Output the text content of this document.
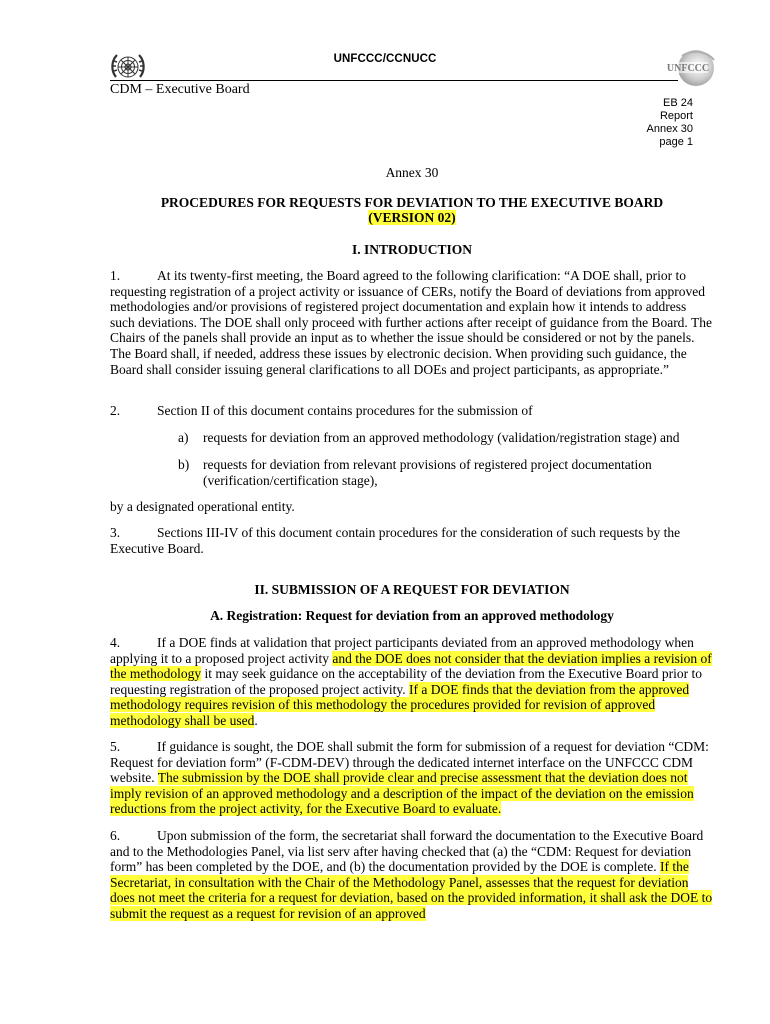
UNFCCC/CCNUCC
UNFCCC
CDM – Executive Board
EB 24
Report
Annex 30
page 1
Annex 30
PROCEDURES FOR REQUESTS FOR DEVIATION TO THE EXECUTIVE BOARD
(VERSION 02)
I. INTRODUCTION

1.	At its twenty-first meeting, the Board agreed to the following clarification: “A DOE shall, prior to requesting registration of a project activity or issuance of CERs, notify the Board of deviations from approved methodologies and/or provisions of registered project documentation and explain how it intends to address such deviations. The DOE shall only proceed with further actions after receipt of guidance from the Board. The Chairs of the panels shall provide an input as to whether the issue should be considered or not by the panels. The Board shall, if needed, address these issues by electronic decision. When providing such guidance, the Board shall consider issuing general clarifications to all DOEs and project participants, as appropriate.”

2.	Section II of this document contains procedures for the submission of

a)	requests for deviation from an approved methodology (validation/registration stage) and
b)	requests for deviation from relevant provisions of registered project documentation (verification/certification stage),

by a designated operational entity.

3.	Sections III-IV of this document contain procedures for the consideration of such requests by the Executive Board.

II. SUBMISSION OF A REQUEST FOR DEVIATION
A. Registration: Request for deviation from an approved methodology

4.	If a DOE finds at validation that project participants deviated from an approved methodology when applying it to a proposed project activity and the DOE does not consider that the deviation implies a revision of the methodology it may seek guidance on the acceptability of the deviation from the Executive Board prior to requesting registration of the proposed project activity. If a DOE finds that the deviation from the approved methodology requires revision of this methodology the procedures provided for revision of approved methodology shall be used.

5.	If guidance is sought, the DOE shall submit the form for submission of a request for deviation “CDM: Request for deviation form” (F-CDM-DEV) through the dedicated internet interface on the UNFCCC CDM website. The submission by the DOE shall provide clear and precise assessment that the deviation does not imply revision of an approved methodology and a description of the impact of the deviation on the emission reductions from the project activity, for the Executive Board to evaluate.

6.	Upon submission of the form, the secretariat shall forward the documentation to the Executive Board and to the Methodologies Panel, via list serv after having checked that (a) the “CDM: Request for deviation form” has been completed by the DOE, and (b) the documentation provided by the DOE is complete. If the Secretariat, in consultation with the Chair of the Methodology Panel, assesses that the request for deviation does not meet the criteria for a request for deviation, based on the provided information, it shall ask the DOE to submit the request as a request for revision of an approved
